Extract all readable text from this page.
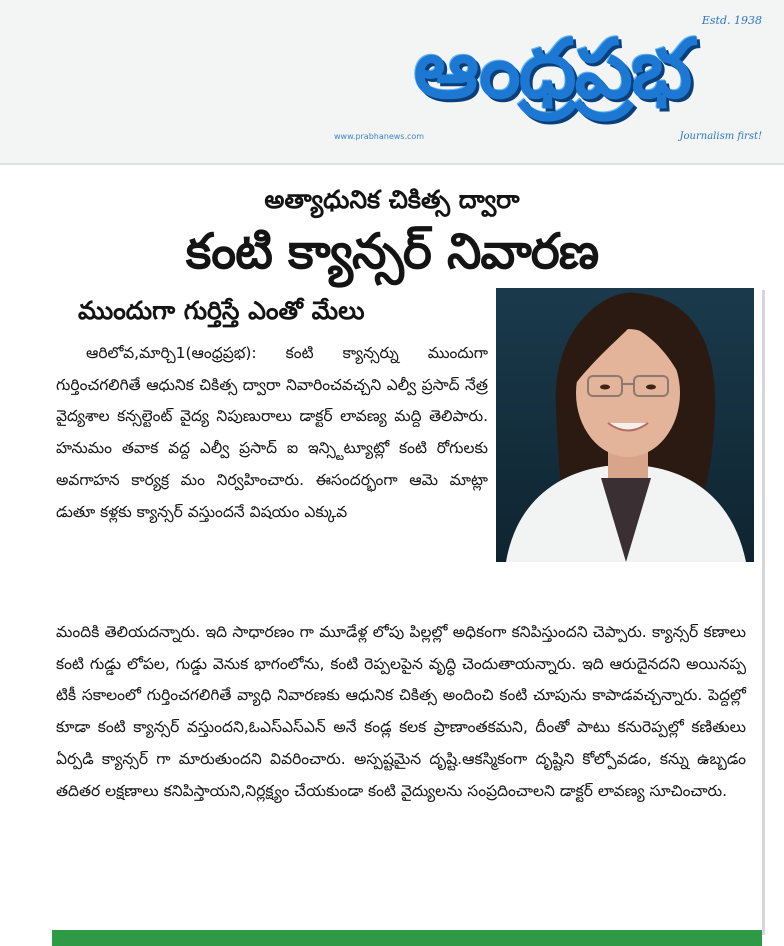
Estd. 1938
ఆంధ్రప్రభ
www.prabhanews.com	Journalism first!
అత్యాధునిక చికిత్స ద్వారా
కంటి క్యాన్సర్ నివారణ
ముందుగా గుర్తిస్తే ఎంతో మేలు

ఆరిలోవ,మార్చి1(ఆంధ్రప్రభ): కంటి క్యాన్సర్ను ముందుగా గుర్తించగలిగితే ఆధునిక చికిత్స ద్వారా నివారించవచ్చని ఎల్వీ ప్రసాద్ నేత్ర వైద్యశాల కన్సల్టెంట్ వైద్య నిపుణురాలు డాక్టర్ లావణ్య మద్ది తెలిపారు. హనుమం తవాక వద్ద ఎల్వీ ప్రసాద్ ఐ ఇన్స్టిట్యూట్లో కంటి రోగులకు అవగాహన కార్యక్ర మం నిర్వహించారు. ఈసందర్భంగా ఆమె మాట్లా డుతూ కళ్లకు క్యాన్సర్ వస్తుందనే విషయం ఎక్కువ

మందికి తెలియదన్నారు. ఇది సాధారణం గా మూడేళ్ల లోపు పిల్లల్లో అధికంగా కనిపిస్తుందని చెప్పారు. క్యాన్సర్ కణాలు కంటి గుడ్డు లోపల, గుడ్డు వెనుక భాగంలోను, కంటి రెప్పలపైన వృద్ధి చెందుతాయన్నారు. ఇది ఆరుదైనదని అయినప్ప టికీ సకాలంలో గుర్తించగలిగితే వ్యాధి నివారణకు ఆధునిక చికిత్స అందించి కంటి చూపును కాపాడవచ్చన్నారు. పెద్దల్లో కూడా కంటి క్యాన్సర్ వస్తుందని,ఓఎస్ఎస్ఎన్ అనే కండ్ల కలక ప్రాణాంతకమని, దీంతో పాటు కనురెప్పల్లో కణితులు ఏర్పడి క్యాన్సర్ గా మారుతుందని వివరించారు. అస్పష్టమైన దృష్టి.ఆకస్మికంగా దృష్టిని కోల్పోవడం, కన్ను ఉబ్బడం తదితర లక్షణాలు కనిపిస్తాయని,నిర్లక్ష్యం చేయకుండా కంటి వైద్యులను సంప్రదించాలని డాక్టర్ లావణ్య సూచించారు.
